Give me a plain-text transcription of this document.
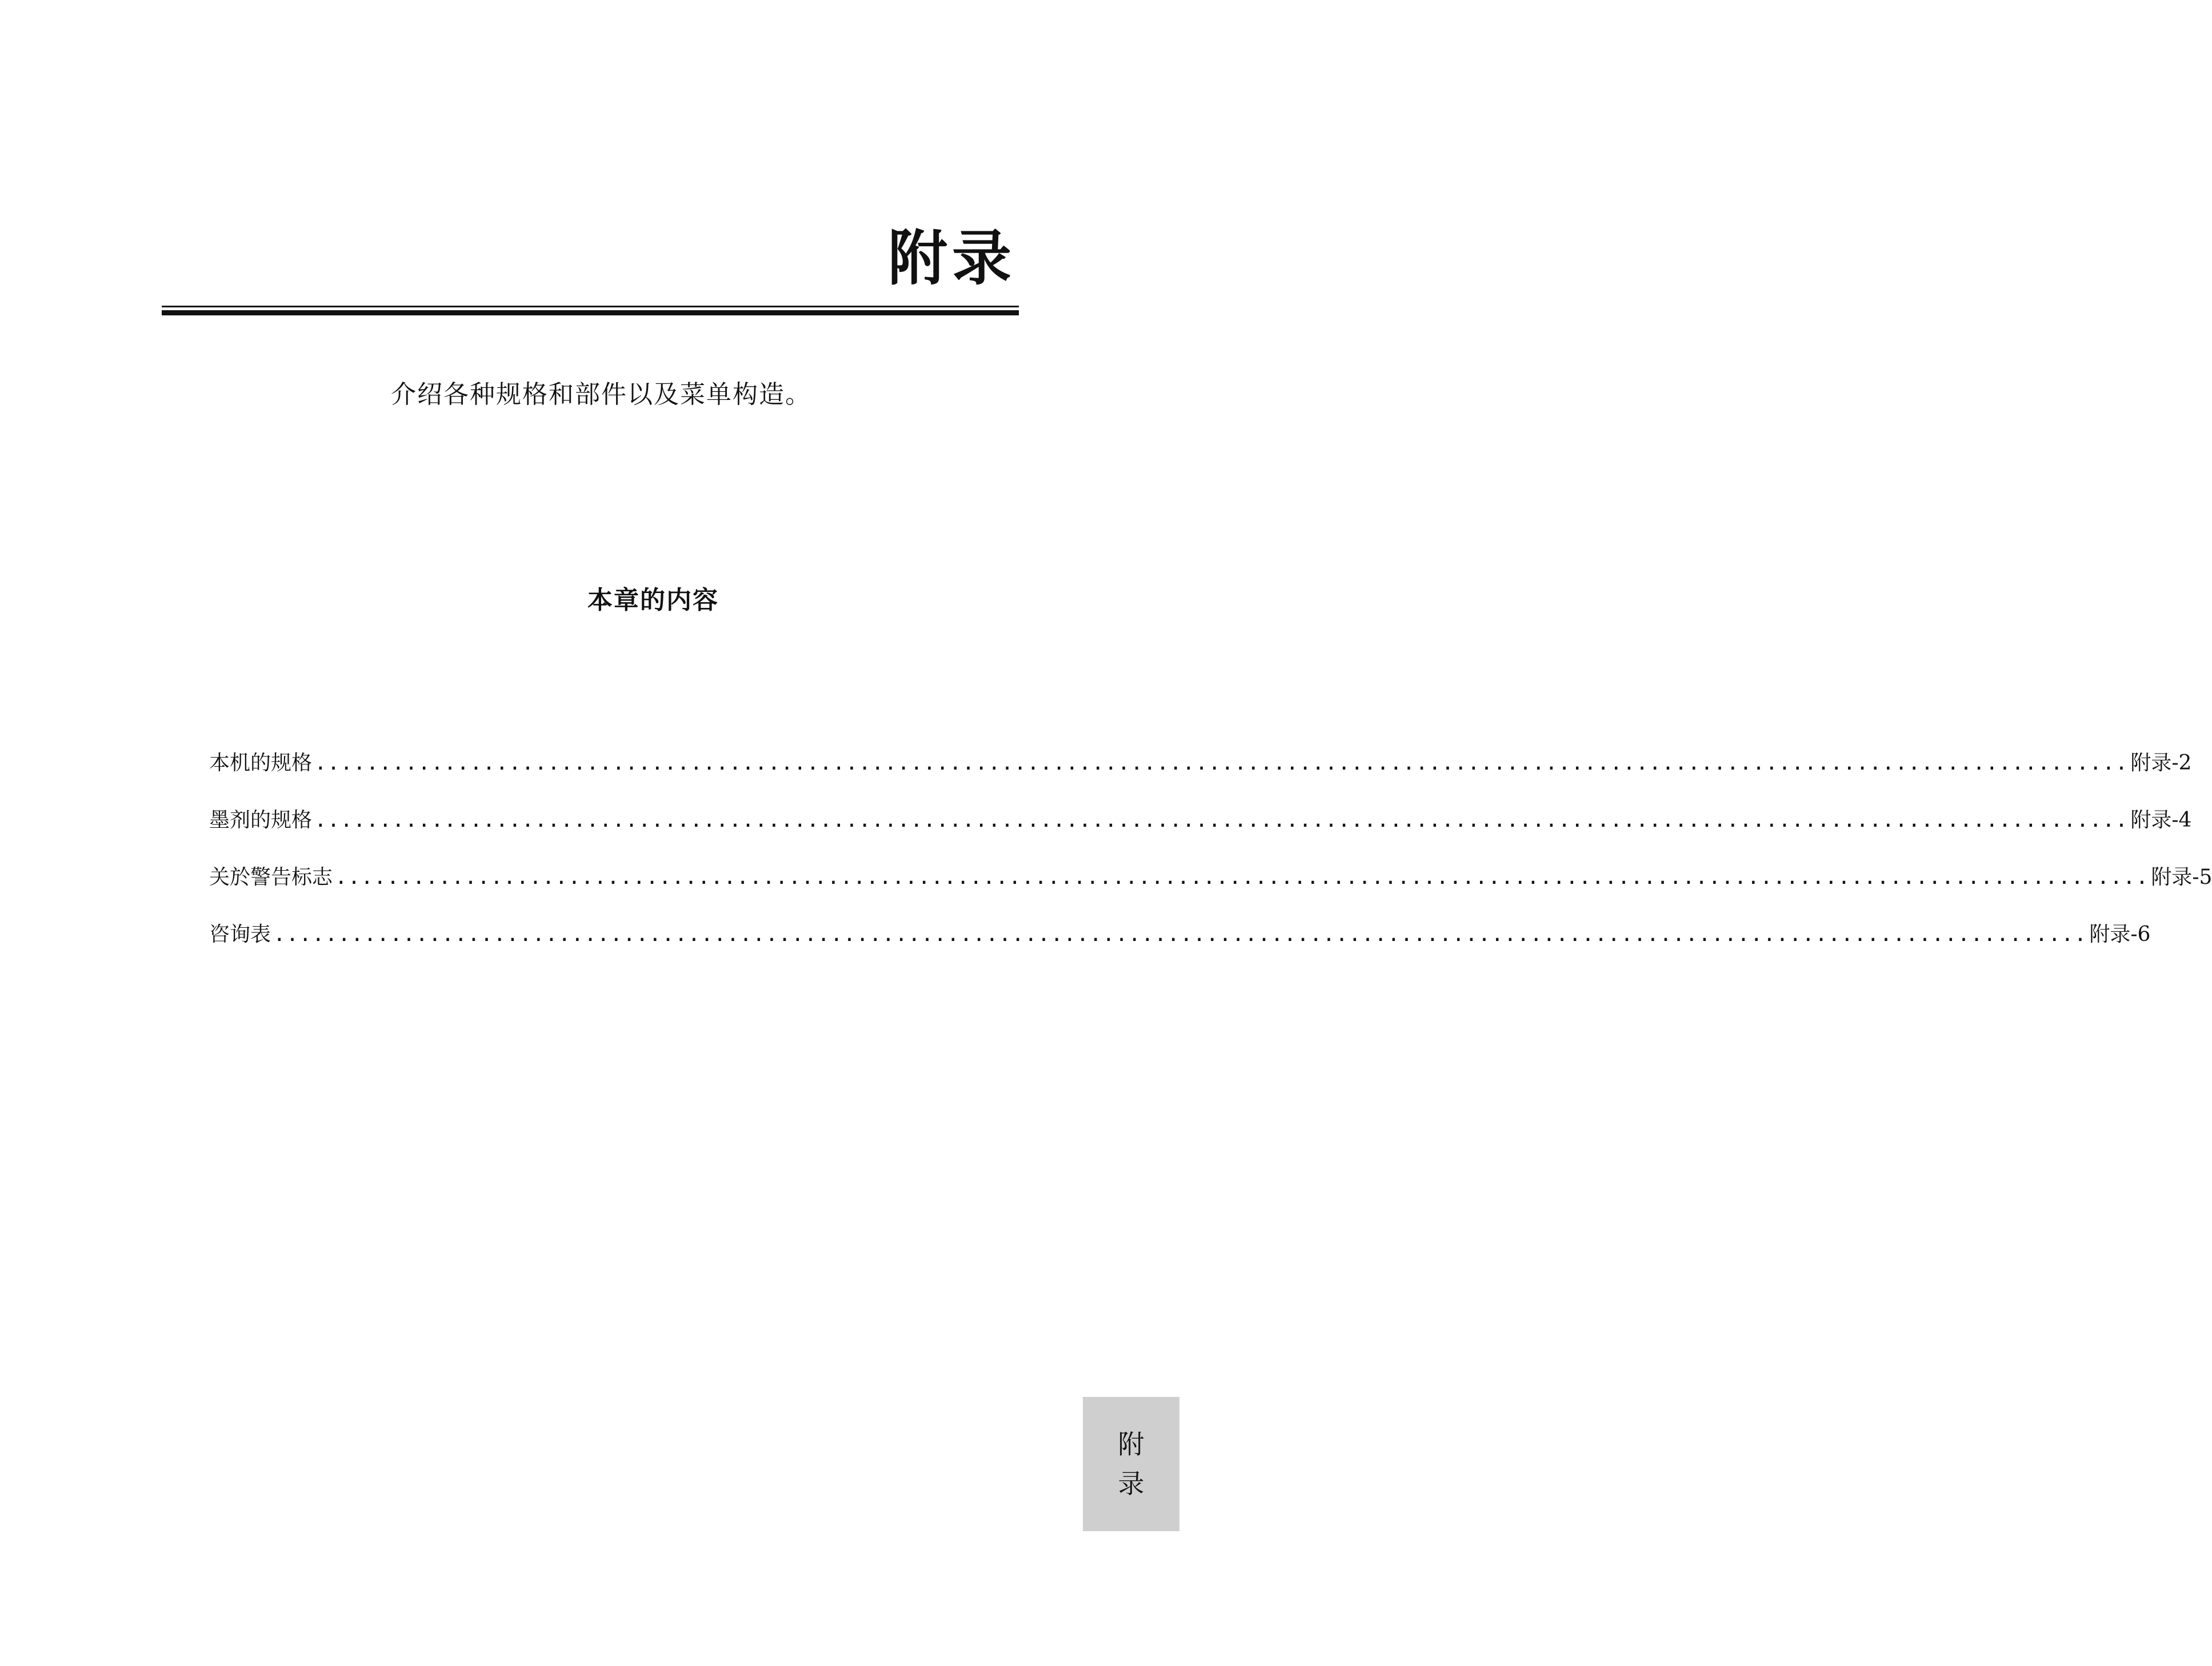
附录

介绍各种规格和部件以及菜单构造。

本章的内容
本机的规格 ............................................................................................................................................ 附录-2
墨剂的规格 ............................................................................................................................................ 附录-4
关於警告标志 ............................................................................................................................................ 附录-5
咨询表 ............................................................................................................................................ 附录-6
附
录
